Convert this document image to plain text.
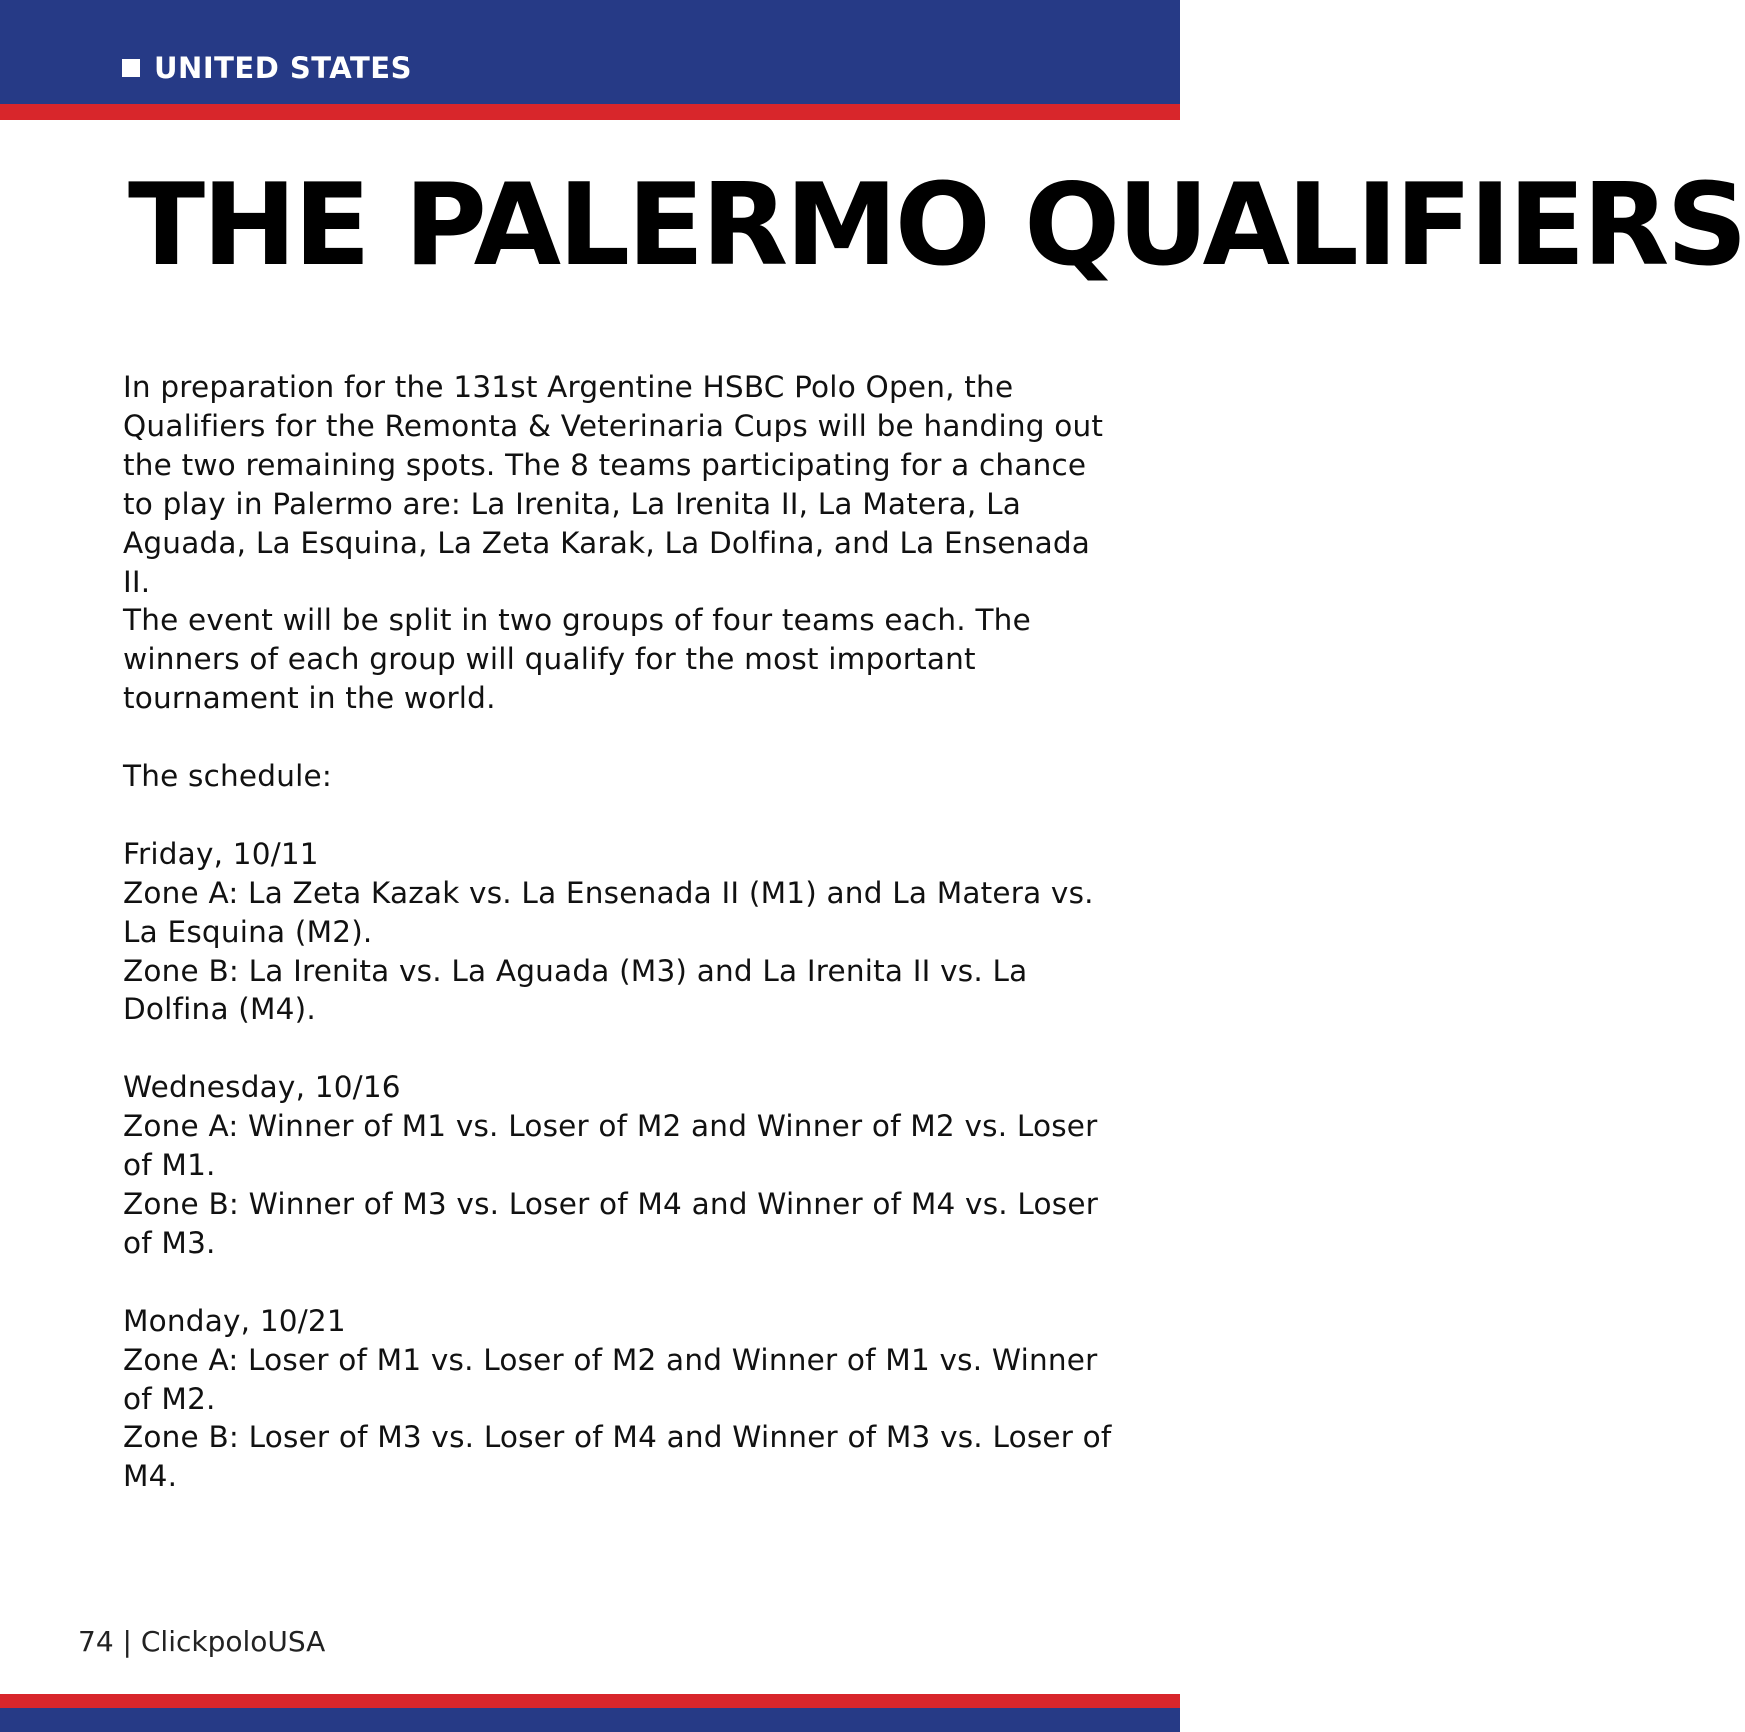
UNITED STATES
THE PALERMO QUALIFIERS

In preparation for the 131st Argentine HSBC Polo Open, the Qualifiers for the Remonta & Veterinaria Cups will be handing out the two remaining spots. The 8 teams participating for a chance to play in Palermo are: La Irenita, La Irenita II, La Matera, La Aguada, La Esquina, La Zeta Karak, La Dolfina, and La Ensenada II.

The event will be split in two groups of four teams each. The winners of each group will qualify for the most important tournament in the world.

The schedule:

Friday, 10/11

Zone A: La Zeta Kazak vs. La Ensenada II (M1) and La Matera vs. La Esquina (M2).

Zone B: La Irenita vs. La Aguada (M3) and La Irenita II vs. La Dolfina (M4).

Wednesday, 10/16

Zone A: Winner of M1 vs. Loser of M2 and Winner of M2 vs. Loser of M1.

Zone B: Winner of M3 vs. Loser of M4 and Winner of M4 vs. Loser of M3.

Monday, 10/21

Zone A: Loser of M1 vs. Loser of M2 and Winner of M1 vs. Winner of M2.

Zone B: Loser of M3 vs. Loser of M4 and Winner of M3 vs. Loser of M4.

74 | ClickpoloUSA
